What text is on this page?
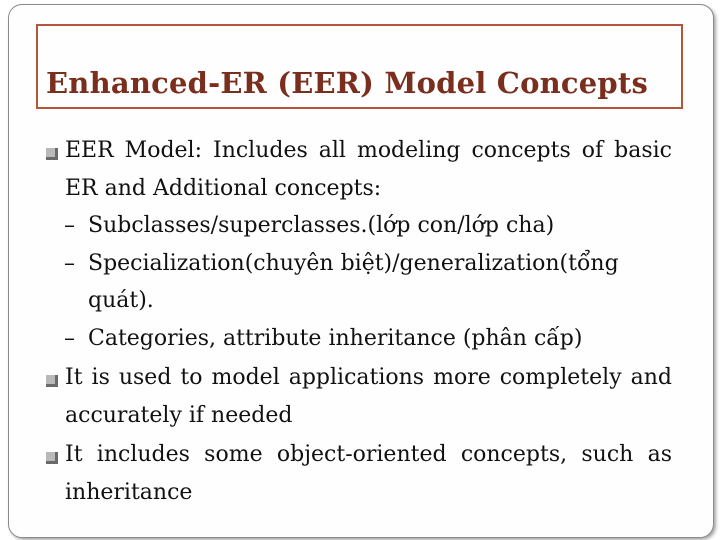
Enhanced-ER (EER) Model Concepts

EER Model: Includes all modeling concepts of basic ER and Additional concepts:

– Subclasses/superclasses.(lớp con/lớp cha)

– Specialization(chuyên biệt)/generalization(tổng quát).

– Categories, attribute inheritance (phân cấp)

It is used to model applications more completely and accurately if needed

It includes some object-oriented concepts, such as inheritance
